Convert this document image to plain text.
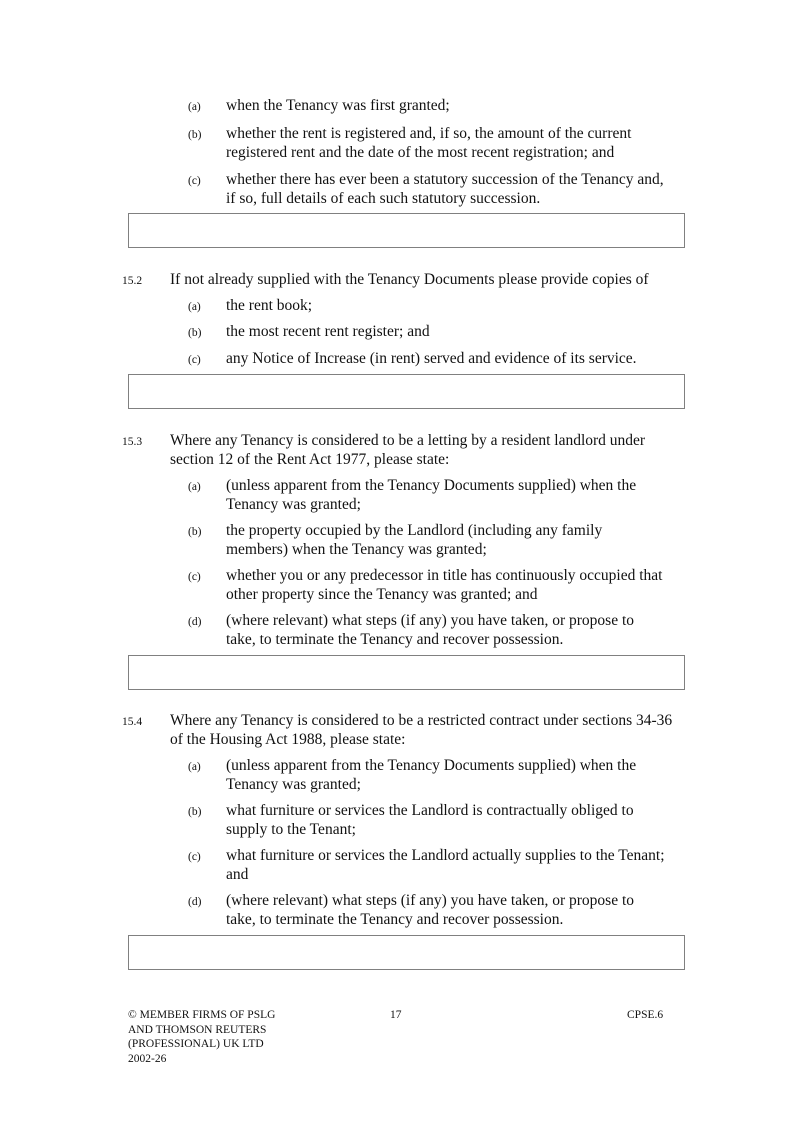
(a) when the Tenancy was first granted;
(b) whether the rent is registered and, if so, the amount of the current registered rent and the date of the most recent registration; and
(c) whether there has ever been a statutory succession of the Tenancy and, if so, full details of each such statutory succession.
15.2 If not already supplied with the Tenancy Documents please provide copies of
(a) the rent book;
(b) the most recent rent register; and
(c) any Notice of Increase (in rent) served and evidence of its service.
15.3 Where any Tenancy is considered to be a letting by a resident landlord under section 12 of the Rent Act 1977, please state:
(a) (unless apparent from the Tenancy Documents supplied) when the Tenancy was granted;
(b) the property occupied by the Landlord (including any family members) when the Tenancy was granted;
(c) whether you or any predecessor in title has continuously occupied that other property since the Tenancy was granted; and
(d) (where relevant) what steps (if any) you have taken, or propose to take, to terminate the Tenancy and recover possession.
15.4 Where any Tenancy is considered to be a restricted contract under sections 34-36 of the Housing Act 1988, please state:
(a) (unless apparent from the Tenancy Documents supplied) when the Tenancy was granted;
(b) what furniture or services the Landlord is contractually obliged to supply to the Tenant;
(c) what furniture or services the Landlord actually supplies to the Tenant; and
(d) (where relevant) what steps (if any) you have taken, or propose to take, to terminate the Tenancy and recover possession.
© MEMBER FIRMS OF PSLG
AND THOMSON REUTERS
(PROFESSIONAL) UK LTD
2002-26
17	CPSE.6
